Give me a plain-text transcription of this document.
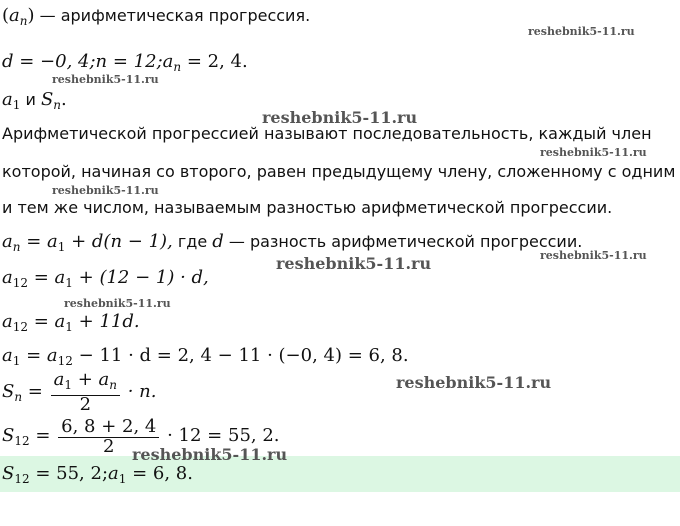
$(a_n)$ — арифметическая прогрессия.
d = −0, 4;n = $12;a_n = 2$, 4.
$a_1$ и $S_n$.
Арифметической прогрессией называют последовательность, каждый член
которой, начиная со второго, равен предыдущему члену, сложенному с одним
и тем же числом, называемым разностью арифметической прогрессии.
$a_n = a_1 + d(n - 1)$, где d — разность арифметической прогрессии.
$a_{12} = a_1 + (12 - 1) \cdot d$,
$a_{12} = a_1 + 11d$.
$a_1 = a_{12} - 11 \cdot d = 2$, 4 − 11 · (−0, 4) = 6, 8.
$S_n = \frac{a_1 + a_n}{2} \cdot n$.
$S_{12} = \frac{6, 8 + 2, 4}{2} \cdot 12 = 55$, 2.
$S_{12} = 55$, $2;a_1 = 6$, 8.
reshebnik5-11.ru
reshebnik5-11.ru
reshebnik5-11.ru
reshebnik5-11.ru
reshebnik5-11.ru
reshebnik5-11.ru
reshebnik5-11.ru
reshebnik5-11.ru
reshebnik5-11.ru
reshebnik5-11.ru
